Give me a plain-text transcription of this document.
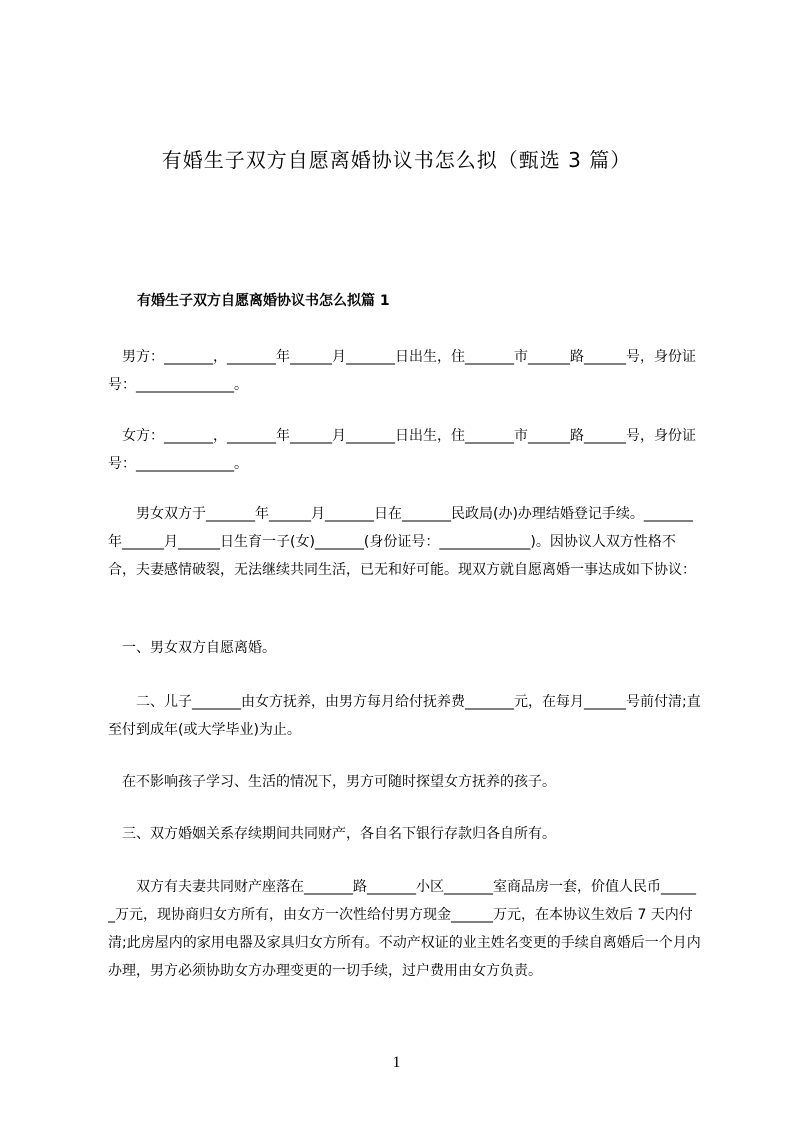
有婚生子双方自愿离婚协议书怎么拟（甄选 3 篇）
有婚生子双方自愿离婚协议书怎么拟篇 1

　男方：_______，_______年______月_______日出生，住_______市______路______号，身份证号：______________。

　女方：_______，_______年______月_______日出生，住_______市______路______号，身份证号：______________。

　　男女双方于_______年______月_______日在_______民政局(办)办理结婚登记手续。_______年______月______日生育一子(女)_______(身份证号：_____________)。因协议人双方性格不合，夫妻感情破裂，无法继续共同生活，已无和好可能。现双方就自愿离婚一事达成如下协议：

　一、男女双方自愿离婚。

　　二、儿子_______由女方抚养，由男方每月给付抚养费_______元，在每月______号前付清;直至付到成年(或大学毕业)为止。

　在不影响孩子学习、生活的情况下，男方可随时探望女方抚养的孩子。

　三、双方婚姻关系存续期间共同财产，各自名下银行存款归各自所有。

　　双方有夫妻共同财产座落在_______路_______小区_______室商品房一套，价值人民币______万元，现协商归女方所有，由女方一次性给付男方现金______万元，在本协议生效后 7 天内付清;此房屋内的家用电器及家具归女方所有。不动产权证的业主姓名变更的手续自离婚后一个月内办理，男方必须协助女方办理变更的一切手续，过户费用由女方负责。

1
